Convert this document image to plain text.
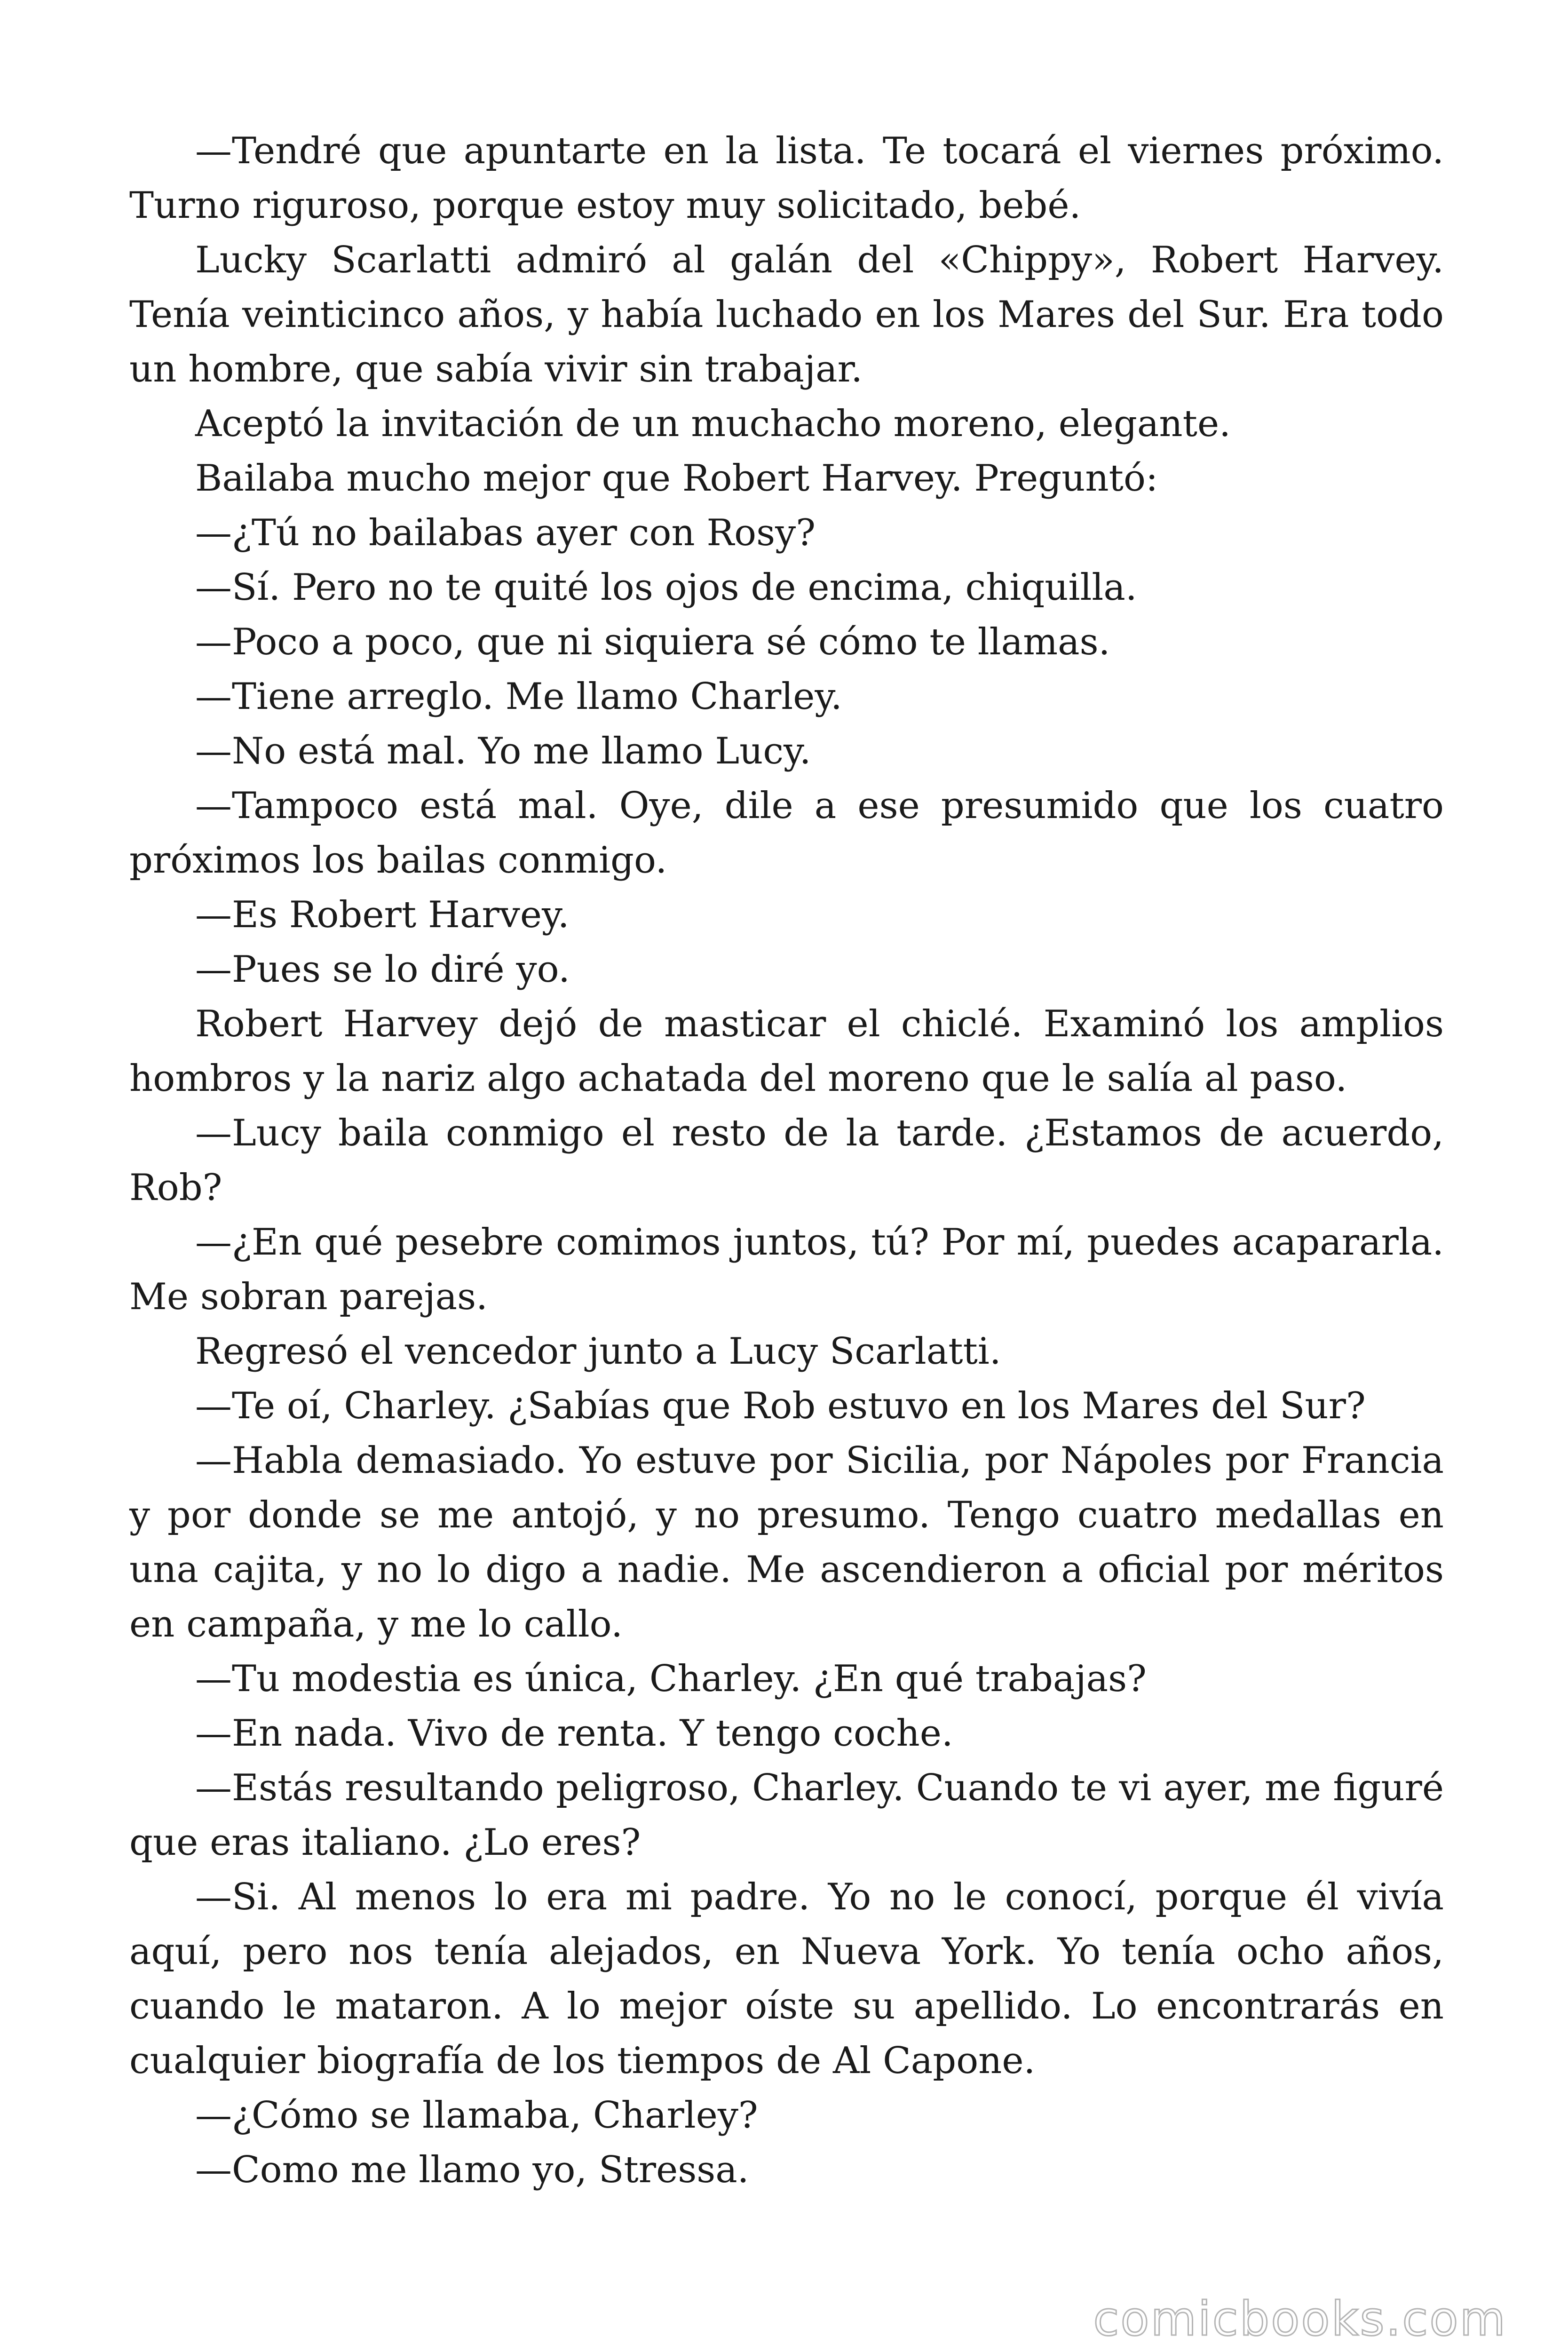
—Tendré que apuntarte en la lista. Te tocará el viernes próximo. Turno riguroso, porque estoy muy solicitado, bebé.

Lucky Scarlatti admiró al galán del «Chippy», Robert Harvey. Tenía veinticinco años, y había luchado en los Mares del Sur. Era todo un hombre, que sabía vivir sin trabajar.

Aceptó la invitación de un muchacho moreno, elegante.

Bailaba mucho mejor que Robert Harvey. Preguntó:

—¿Tú no bailabas ayer con Rosy?

—Sí. Pero no te quité los ojos de encima, chiquilla.

—Poco a poco, que ni siquiera sé cómo te llamas.

—Tiene arreglo. Me llamo Charley.

—No está mal. Yo me llamo Lucy.

—Tampoco está mal. Oye, dile a ese presumido que los cuatro próximos los bailas conmigo.

—Es Robert Harvey.

—Pues se lo diré yo.

Robert Harvey dejó de masticar el chiclé. Examinó los amplios hombros y la nariz algo achatada del moreno que le salía al paso.

—Lucy baila conmigo el resto de la tarde. ¿Estamos de acuerdo, Rob?

—¿En qué pesebre comimos juntos, tú? Por mí, puedes acapararla. Me sobran parejas.

Regresó el vencedor junto a Lucy Scarlatti.

—Te oí, Charley. ¿Sabías que Rob estuvo en los Mares del Sur?

—Habla demasiado. Yo estuve por Sicilia, por Nápoles por Francia y por donde se me antojó, y no presumo. Tengo cuatro medallas en una cajita, y no lo digo a nadie. Me ascendieron a oficial por méritos en campaña, y me lo callo.

—Tu modestia es única, Charley. ¿En qué trabajas?

—En nada. Vivo de renta. Y tengo coche.

—Estás resultando peligroso, Charley. Cuando te vi ayer, me figuré que eras italiano. ¿Lo eres?

—Si. Al menos lo era mi padre. Yo no le conocí, porque él vivía aquí, pero nos tenía alejados, en Nueva York. Yo tenía ocho años, cuando le mataron. A lo mejor oíste su apellido. Lo encontrarás en cualquier biografía de los tiempos de Al Capone.

—¿Cómo se llamaba, Charley?

—Como me llamo yo, Stressa.

comicbooks.com
